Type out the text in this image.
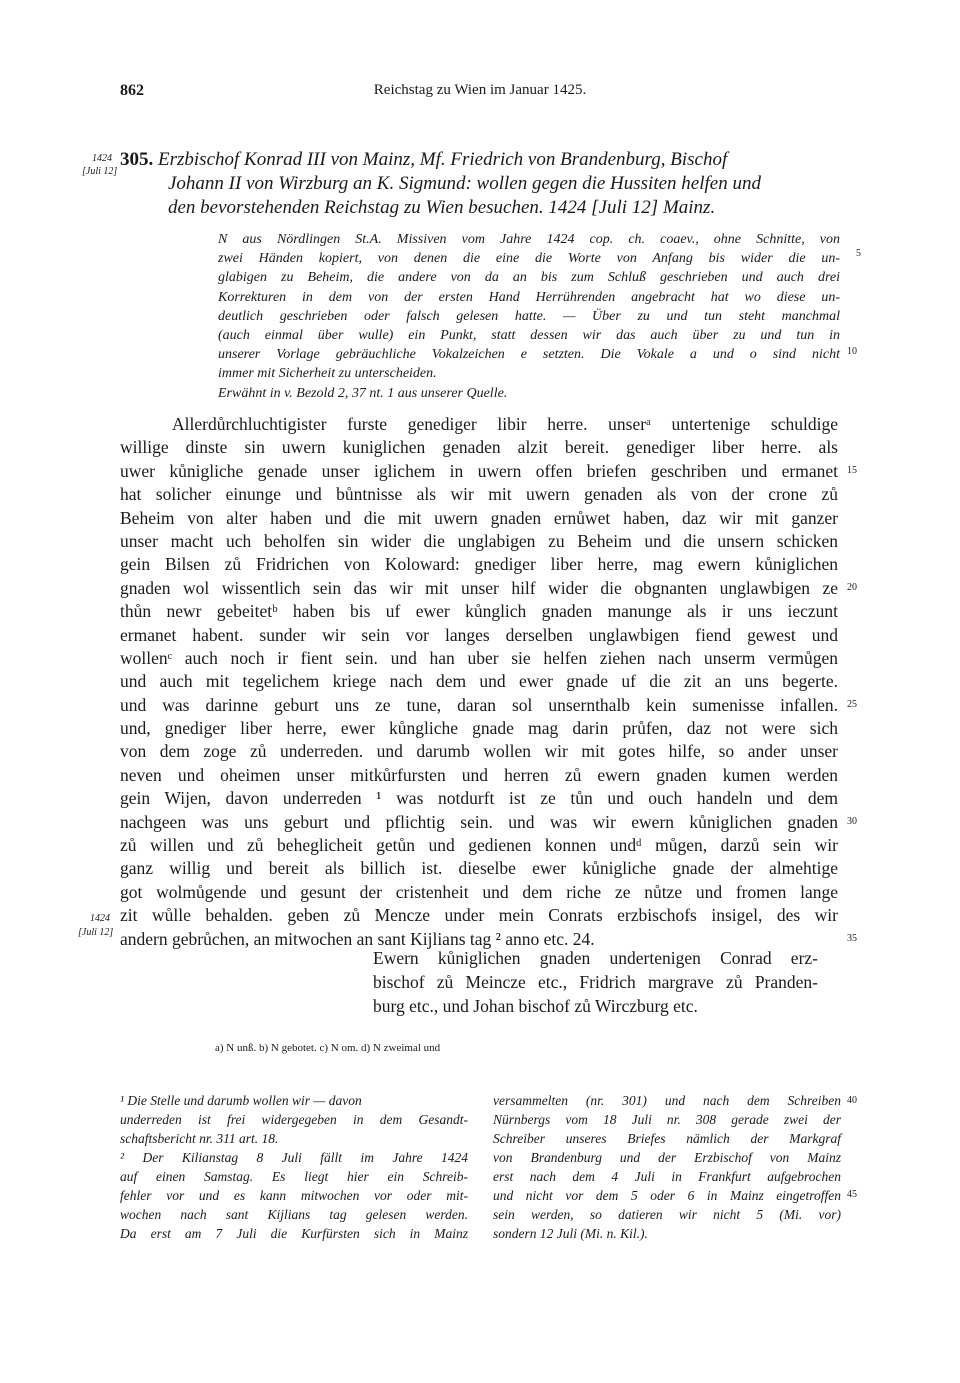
862	Reichstag zu Wien im Januar 1425.
1424
[Juli 12]
1424
[Juli 12]
5
10
15
20
25
30
35
40
45
305. Erzbischof Konrad III von Mainz, Mf. Friedrich von Brandenburg, Bischof
Johann II von Wirzburg an K. Sigmund: wollen gegen die Hussiten helfen und
den bevorstehenden Reichstag zu Wien besuchen. 1424 [Juli 12] Mainz.
N aus Nördlingen St.A. Missiven vom Jahre 1424 cop. ch. coaev., ohne Schnitte, von
zwei Händen kopiert, von denen die eine die Worte von Anfang bis wider die un-
glabigen zu Beheim, die andere von da an bis zum Schluß geschrieben und auch drei
Korrekturen in dem von der ersten Hand Herrührenden angebracht hat wo diese un-
deutlich geschrieben oder falsch gelesen hatte. — Über zu und tun steht manchmal
(auch einmal über wulle) ein Punkt, statt dessen wir das auch über zu und tun in
unserer Vorlage gebräuchliche Vokalzeichen e setzten. Die Vokale a und o sind nicht
immer mit Sicherheit zu unterscheiden.
Erwähnt in v. Bezold 2, 37 nt. 1 aus unserer Quelle.
Allerdůrchluchtigister furste genediger libir herre. unserᵃ untertenige schuldige
willige dinste sin uwern kuniglichen genaden alzit bereit. genediger liber herre. als
uwer kůnigliche genade unser iglichem in uwern offen briefen geschriben und ermanet
hat solicher einunge und bůntnisse als wir mit uwern genaden als von der crone zů
Beheim von alter haben und die mit uwern gnaden ernůwet haben, daz wir mit ganzer
unser macht uch beholfen sin wider die unglabigen zu Beheim und die unsern schicken
gein Bilsen zů Fridrichen von Koloward: gnediger liber herre, mag ewern kůniglichen
gnaden wol wissentlich sein das wir mit unser hilf wider die obgnanten unglawbigen ze
thůn newr gebeitetᵇ haben bis uf ewer kůnglich gnaden manunge als ir uns ieczunt
ermanet habent. sunder wir sein vor langes derselben unglawbigen fiend gewest und
wollenᶜ auch noch ir fient sein. und han uber sie helfen ziehen nach unserm vermůgen
und auch mit tegelichem kriege nach dem und ewer gnade uf die zit an uns begerte.
und was darinne geburt uns ze tune, daran sol unsernthalb kein sumenisse infallen.
und, gnediger liber herre, ewer kůngliche gnade mag darin průfen, daz not were sich
von dem zoge zů underreden. und darumb wollen wir mit gotes hilfe, so ander unser
neven und oheimen unser mitkůrfursten und herren zů ewern gnaden kumen werden
gein Wijen, davon underreden ¹ was notdurft ist ze tůn und ouch handeln und dem
nachgeen was uns geburt und pflichtig sein. und was wir ewern kůniglichen gnaden
zů willen und zů beheglicheit getůn und gedienen konnen undᵈ můgen, darzů sein wir
ganz willig und bereit als billich ist. dieselbe ewer kůnigliche gnade der almehtige
got wolmůgende und gesunt der cristenheit und dem riche ze nůtze und fromen lange
zit wůlle behalden. geben zů Mencze under mein Conrats erzbischofs insigel, des wir
andern gebrůchen, an mitwochen an sant Kijlians tag ² anno etc. 24.
Ewern kůniglichen gnaden undertenigen Conrad erz-
bischof zů Meincze etc., Fridrich margrave zů Pranden-
burg etc., und Johan bischof zů Wirczburg etc.
a) N unß. b) N gebotet. c) N om. d) N zweimal und
¹ Die Stelle und darumb wollen wir — davon
underreden ist frei widergegeben in dem Gesandt-
schaftsbericht nr. 311 art. 18.
² Der Kilianstag 8 Juli fällt im Jahre 1424
auf einen Samstag. Es liegt hier ein Schreib-
fehler vor und es kann mitwochen vor oder mit-
wochen nach sant Kijlians tag gelesen werden.
Da erst am 7 Juli die Kurfürsten sich in Mainz
versammelten (nr. 301) und nach dem Schreiben
Nürnbergs vom 18 Juli nr. 308 gerade zwei der
Schreiber unseres Briefes nämlich der Markgraf
von Brandenburg und der Erzbischof von Mainz
erst nach dem 4 Juli in Frankfurt aufgebrochen
und nicht vor dem 5 oder 6 in Mainz eingetroffen
sein werden, so datieren wir nicht 5 (Mi. vor)
sondern 12 Juli (Mi. n. Kil.).
